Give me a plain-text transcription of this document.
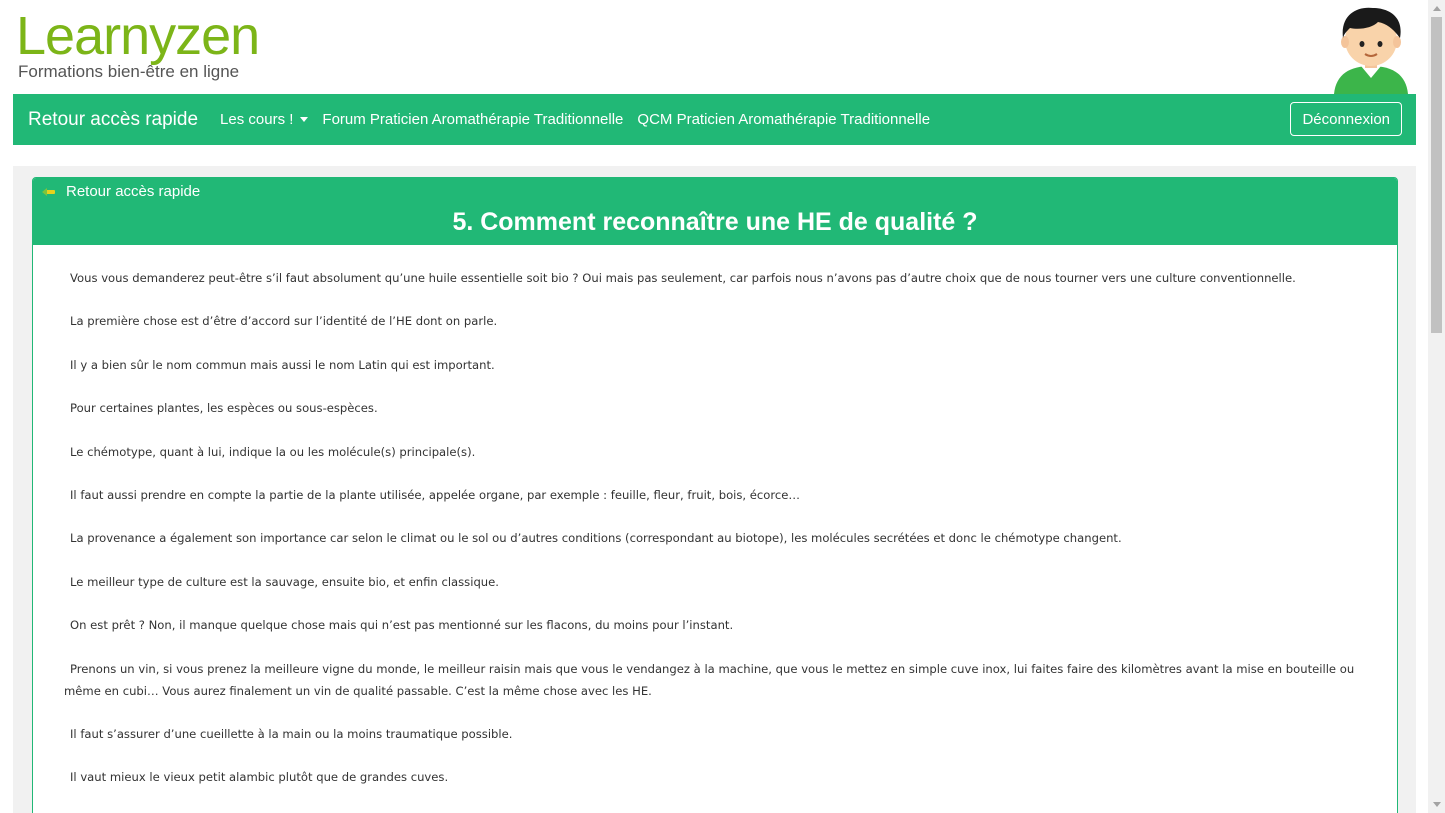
Learnyzen
Formations bien-être en ligne
Retour accès rapide Les cours ! Forum Praticien Aromathérapie Traditionnelle QCM Praticien Aromathérapie Traditionnelle	Déconnexion
Retour accès rapide
5. Comment reconnaître une HE de qualité ?

Vous vous demanderez peut-être s’il faut absolument qu’une huile essentielle soit bio ? Oui mais pas seulement, car parfois nous n’avons pas d’autre choix que de nous tourner vers une culture conventionnelle.

La première chose est d’être d’accord sur l’identité de l’HE dont on parle.

Il y a bien sûr le nom commun mais aussi le nom Latin qui est important.

Pour certaines plantes, les espèces ou sous-espèces.

Le chémotype, quant à lui, indique la ou les molécule(s) principale(s).

Il faut aussi prendre en compte la partie de la plante utilisée, appelée organe, par exemple : feuille, fleur, fruit, bois, écorce…

La provenance a également son importance car selon le climat ou le sol ou d’autres conditions (correspondant au biotope), les molécules secrétées et donc le chémotype changent.

Le meilleur type de culture est la sauvage, ensuite bio, et enfin classique.

On est prêt ? Non, il manque quelque chose mais qui n’est pas mentionné sur les flacons, du moins pour l’instant.

Prenons un vin, si vous prenez la meilleure vigne du monde, le meilleur raisin mais que vous le vendangez à la machine, que vous le mettez en simple cuve inox, lui faites faire des kilomètres avant la mise en bouteille ou même en cubi… Vous aurez finalement un vin de qualité passable. C’est la même chose avec les HE.

Il faut s’assurer d’une cueillette à la main ou la moins traumatique possible.

Il vaut mieux le vieux petit alambic plutôt que de grandes cuves.
